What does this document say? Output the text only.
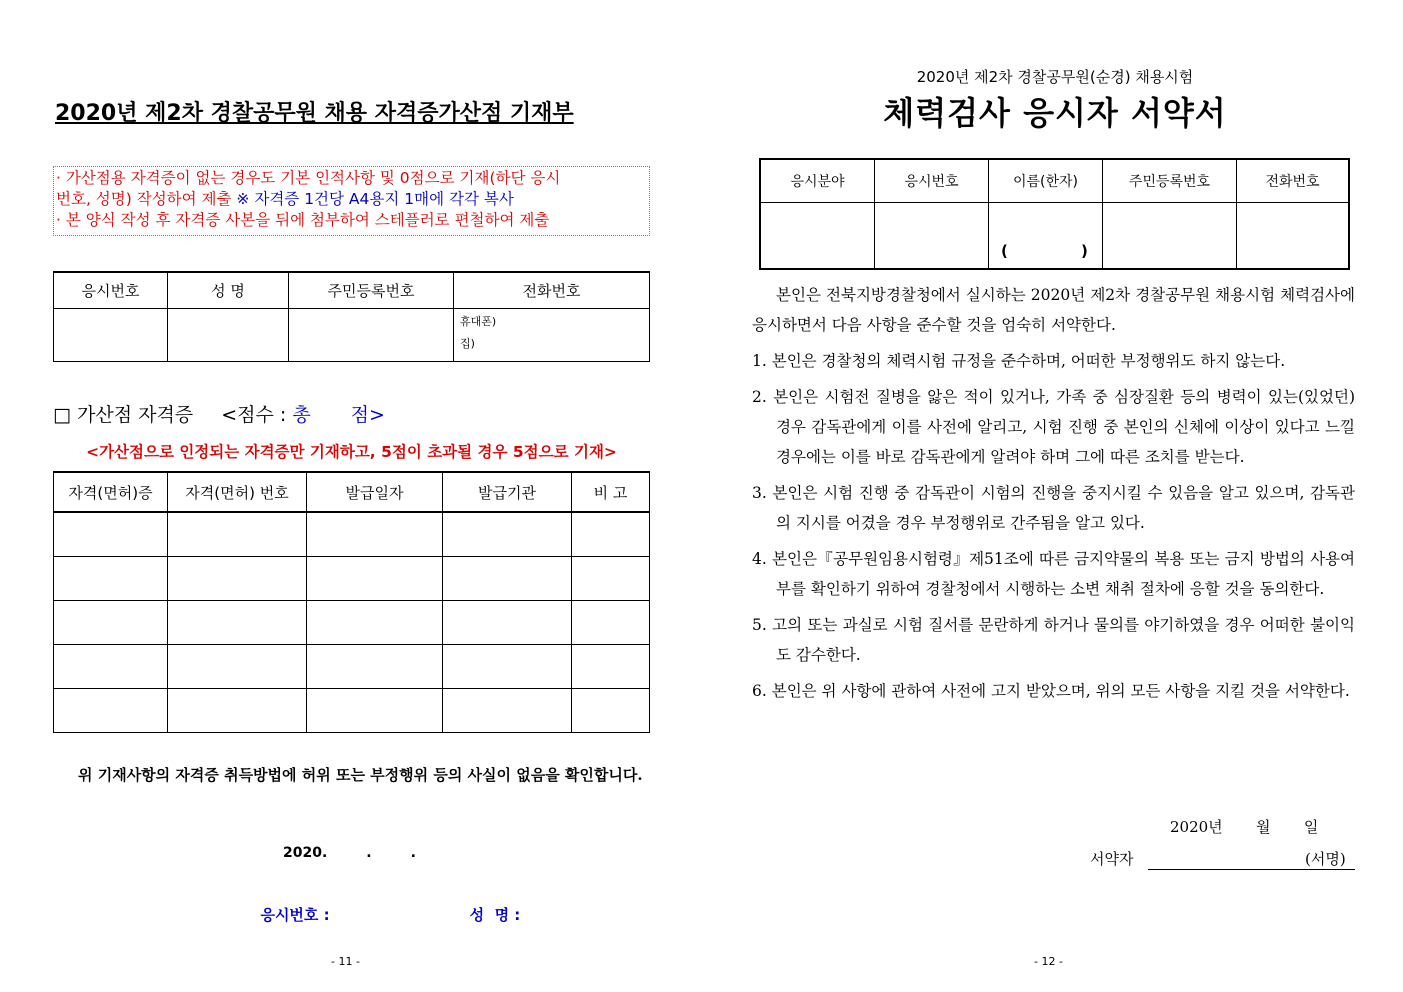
2020년 제2차 경찰공무원 채용 자격증가산점 기재부
· 가산점용 자격증이 없는 경우도 기본 인적사항 및 0점으로 기재(하단 응시
번호, 성명) 작성하여 제출 ※ 자격증 1건당 A4용지 1매에 각각 복사
· 본 양식 작성 후 자격증 사본을 뒤에 첨부하여 스테플러로 편철하여 제출
응시번호	성 명	주민등록번호	전화번호

			휴대폰)
집)
□ 가산점 자격증 <점수 : 총 점>
<가산점으로 인정되는 자격증만 기재하고, 5점이 초과될 경우 5점으로 기재>
자격(면허)증	자격(면허) 번호	발급일자	발급기관	비 고

위 기재사항의 자격증 취득방법에 허위 또는 부정행위 등의 사실이 없음을 확인합니다.
2020.        .        .

응시번호 :	성  명 :

- 11 -
2020년 제2차 경찰공무원(순경) 채용시험
체력검사 응시자 서약서
응시분야	응시번호	이름(한자)	주민등록번호	전화번호
		(              )		

본인은 전북지방경찰청에서 실시하는 2020년 제2차 경찰공무원 채용시험 체력검사에 응시하면서 다음 사항을 준수할 것을 엄숙히 서약한다.

1. 본인은 경찰청의 체력시험 규정을 준수하며, 어떠한 부정행위도 하지 않는다.

2. 본인은 시험전 질병을 앓은 적이 있거나, 가족 중 심장질환 등의 병력이 있는(있었던) 경우 감독관에게 이를 사전에 알리고, 시험 진행 중 본인의 신체에 이상이 있다고 느낄 경우에는 이를 바로 감독관에게 알려야 하며 그에 따른 조치를 받는다.

3. 본인은 시험 진행 중 감독관이 시험의 진행을 중지시킬 수 있음을 알고 있으며, 감독관의 지시를 어겼을 경우 부정행위로 간주됨을 알고 있다.

4. 본인은『공무원임용시험령』제51조에 따른 금지약물의 복용 또는 금지 방법의 사용여부를 확인하기 위하여 경찰청에서 시행하는 소변 채취 절차에 응할 것을 동의한다.

5. 고의 또는 과실로 시험 질서를 문란하게 하거나 물의를 야기하였을 경우 어떠한 불이익도 감수한다.

6. 본인은 위 사항에 관하여 사전에 고지 받았으며, 위의 모든 사항을 지킬 것을 서약한다.

2020년       월       일
서약자	(서명)
- 12 -
